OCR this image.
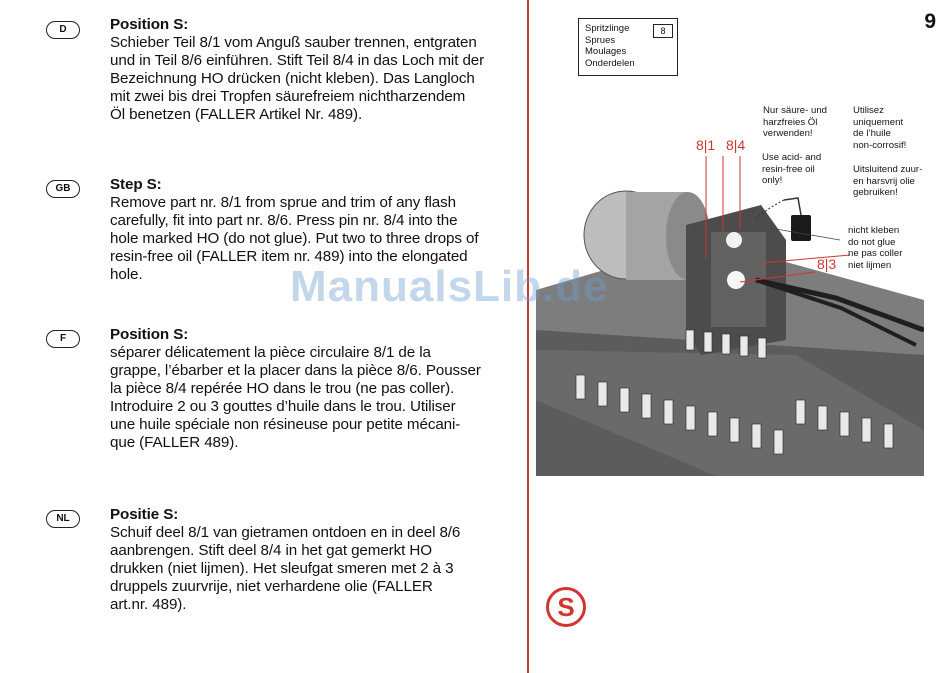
D	Position S:
Schieber Teil 8/1 vom Anguß sauber trennen, entgraten
und in Teil 8/6 einführen. Stift Teil 8/4 in das Loch mit der
Bezeichnung HO drücken (nicht kleben). Das Langloch
mit zwei bis drei Tropfen säurefreiem nichtharzendem
Öl benetzen (FALLER Artikel Nr. 489).
GB	Step S:
Remove part nr. 8/1 from sprue and trim of any flash
carefully, fit into part nr. 8/6. Press pin nr. 8/4 into the
hole marked HO (do not glue). Put two to three drops of
resin-free oil (FALLER item nr. 489) into the elongated
hole.
F	Position S:
séparer délicatement la pièce circulaire 8/1 de la
grappe, l’ébarber et la placer dans la pièce 8/6. Pousser
la pièce 8/4 repérée HO dans le trou (ne pas coller).
Introduire 2 ou 3 gouttes d’huile dans le trou. Utiliser
une huile spéciale non résineuse pour petite mécani-
que (FALLER 489).
NL	Positie S:
Schuif deel 8/1 van gietramen ontdoen en in deel 8/6
aanbrengen. Stift deel 8/4 in het gat gemerkt HO
drukken (niet lijmen). Het sleufgat smeren met 2 à 3
druppels zuurvrije, niet verhardene olie (FALLER
art.nr. 489).
9
Spritzlinge
Sprues
Moulages
Onderdelen
8
8|1 8|4
8|3
Nur säure- und
harzfreies Öl
verwenden!
Use acid- and
resin-free oil
only!
Utilisez
uniquement
de l’huile
non-corrosif!
Uitsluitend zuur-
en harsvrij olie
gebruiken!
nicht kleben
do not glue
ne pas coller
niet lijmen
S
ManualsLib.de
